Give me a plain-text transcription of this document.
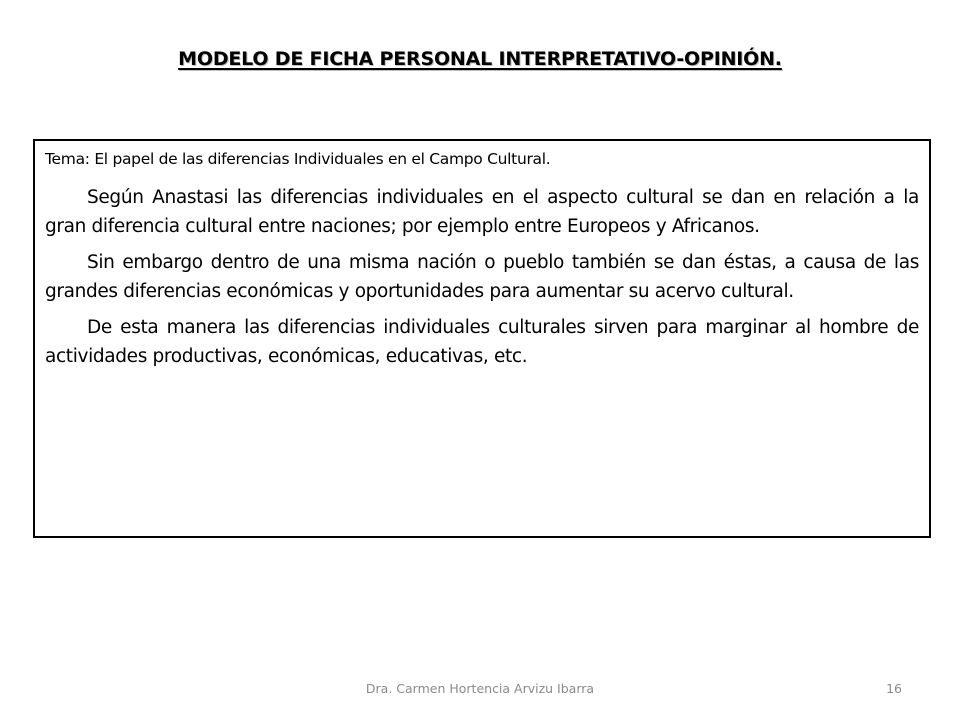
MODELO DE FICHA PERSONAL INTERPRETATIVO-OPINIÓN.
Tema: El papel de las diferencias Individuales en el Campo Cultural.

Según Anastasi las diferencias individuales en el aspecto cultural se dan en relación a la gran diferencia cultural entre naciones; por ejemplo entre Europeos y Africanos.

Sin embargo dentro de una misma nación o pueblo también se dan éstas, a causa de las grandes diferencias económicas y oportunidades para aumentar su acervo cultural.

De esta manera las diferencias individuales culturales sirven para marginar al hombre de actividades productivas, económicas, educativas, etc.

Dra. Carmen Hortencia Arvizu Ibarra	16
